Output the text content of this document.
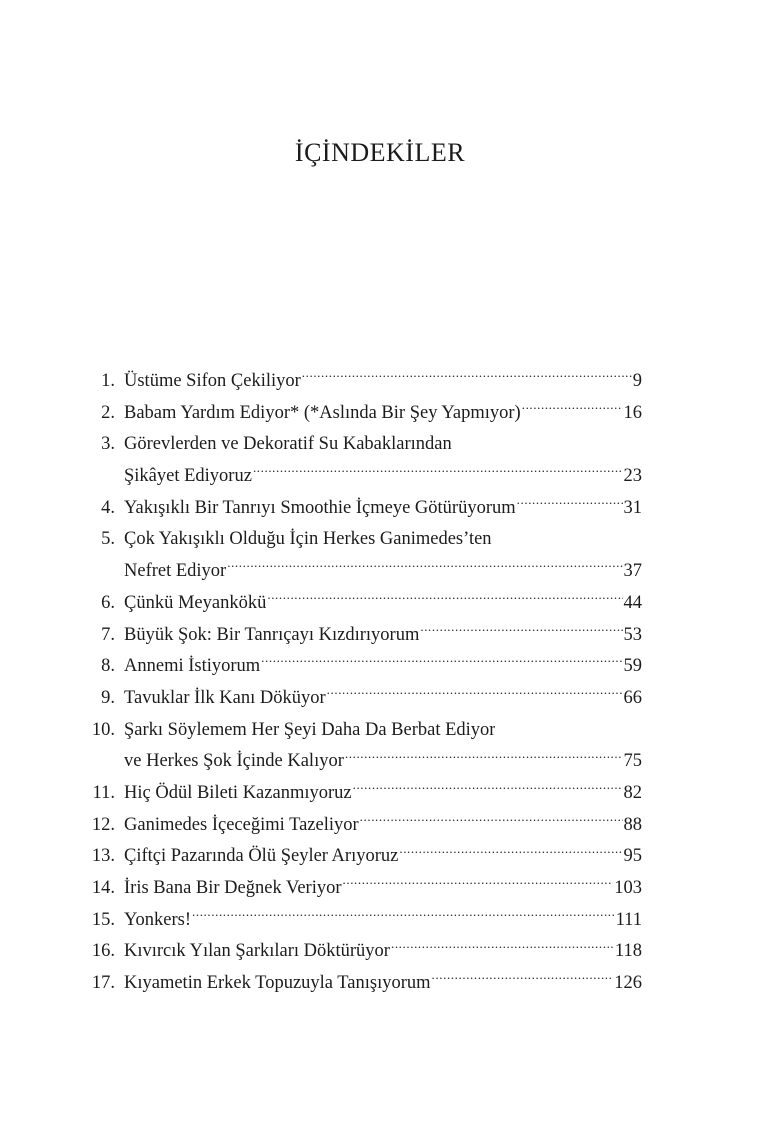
İÇİNDEKİLER
1. Üstüme Sifon Çekiliyor .....	9
2. Babam Yardım Ediyor* (*Aslında Bir Şey Yapmıyor) .....	16
3. Görevlerden ve Dekoratif Su Kabaklarından
Şikâyet Ediyoruz .....	23
4. Yakışıklı Bir Tanrıyı Smoothie İçmeye Götürüyorum .....	31
5. Çok Yakışıklı Olduğu İçin Herkes Ganimedes’ten
Nefret Ediyor .....	37
6. Çünkü Meyankökü .....	44
7. Büyük Şok: Bir Tanrıçayı Kızdırıyorum .....	53
8. Annemi İstiyorum .....	59
9. Tavuklar İlk Kanı Döküyor .....	66
10. Şarkı Söylemem Her Şeyi Daha Da Berbat Ediyor
ve Herkes Şok İçinde Kalıyor .....	75
11. Hiç Ödül Bileti Kazanmıyoruz .....	82
12. Ganimedes İçeceğimi Tazeliyor .....	88
13. Çiftçi Pazarında Ölü Şeyler Arıyoruz .....	95
14. İris Bana Bir Değnek Veriyor .....	103
15. Yonkers! .....	111
16. Kıvırcık Yılan Şarkıları Döktürüyor .....	118
17. Kıyametin Erkek Topuzuyla Tanışıyorum .....	126
